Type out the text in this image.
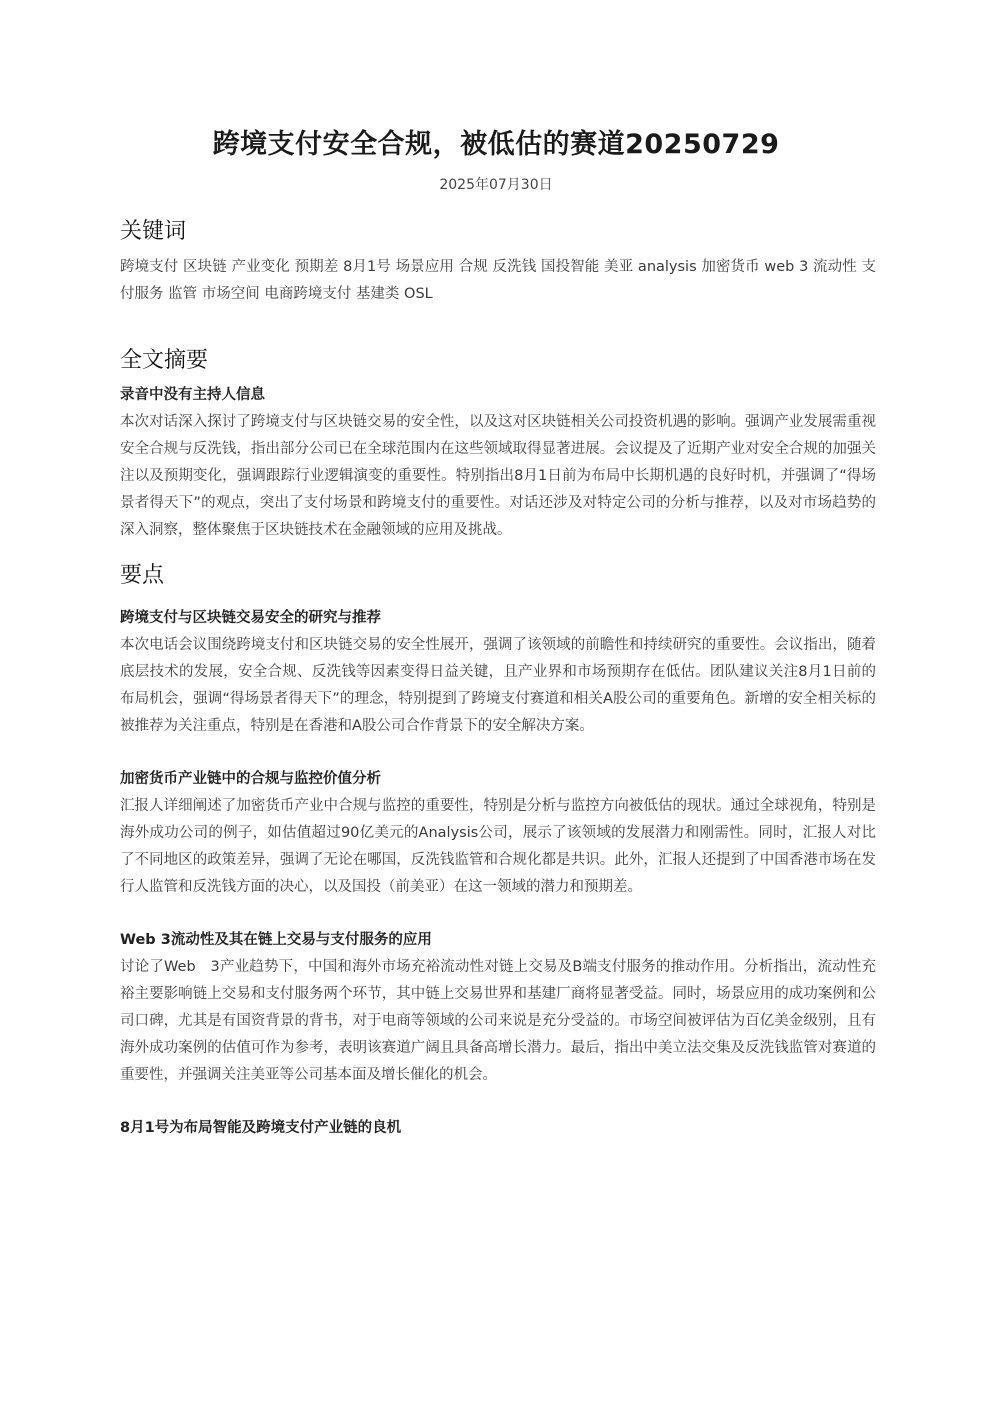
跨境支付安全合规，被低估的赛道20250729
2025年07月30日
关键词

跨境支付 区块链 产业变化 预期差 8月1号 场景应用 合规 反洗钱 国投智能 美亚 analysis 加密货币 web 3 流动性 支付服务 监管 市场空间 电商跨境支付 基建类 OSL

全文摘要

录音中没有主持人信息

本次对话深入探讨了跨境支付与区块链交易的安全性，以及这对区块链相关公司投资机遇的影响。强调产业发展需重视安全合规与反洗钱，指出部分公司已在全球范围内在这些领域取得显著进展。会议提及了近期产业对安全合规的加强关注以及预期变化，强调跟踪行业逻辑演变的重要性。特别指出8月1日前为布局中长期机遇的良好时机，并强调了“得场景者得天下”的观点，突出了支付场景和跨境支付的重要性。对话还涉及对特定公司的分析与推荐，以及对市场趋势的深入洞察，整体聚焦于区块链技术在金融领域的应用及挑战。

要点

跨境支付与区块链交易安全的研究与推荐

本次电话会议围绕跨境支付和区块链交易的安全性展开，强调了该领域的前瞻性和持续研究的重要性。会议指出，随着底层技术的发展，安全合规、反洗钱等因素变得日益关键，且产业界和市场预期存在低估。团队建议关注8月1日前的布局机会，强调“得场景者得天下”的理念，特别提到了跨境支付赛道和相关A股公司的重要角色。新增的安全相关标的被推荐为关注重点，特别是在香港和A股公司合作背景下的安全解决方案。

加密货币产业链中的合规与监控价值分析

汇报人详细阐述了加密货币产业中合规与监控的重要性，特别是分析与监控方向被低估的现状。通过全球视角，特别是海外成功公司的例子，如估值超过90亿美元的Analysis公司，展示了该领域的发展潜力和刚需性。同时，汇报人对比了不同地区的政策差异，强调了无论在哪国，反洗钱监管和合规化都是共识。此外，汇报人还提到了中国香港市场在发行人监管和反洗钱方面的决心，以及国投（前美亚）在这一领域的潜力和预期差。

Web 3流动性及其在链上交易与支付服务的应用

讨论了Web　3产业趋势下，中国和海外市场充裕流动性对链上交易及B端支付服务的推动作用。分析指出，流动性充裕主要影响链上交易和支付服务两个环节，其中链上交易世界和基建厂商将显著受益。同时，场景应用的成功案例和公司口碑，尤其是有国资背景的背书，对于电商等领域的公司来说是充分受益的。市场空间被评估为百亿美金级别，且有海外成功案例的估值可作为参考，表明该赛道广阔且具备高增长潜力。最后，指出中美立法交集及反洗钱监管对赛道的重要性，并强调关注美亚等公司基本面及增长催化的机会。

8月1号为布局智能及跨境支付产业链的良机
